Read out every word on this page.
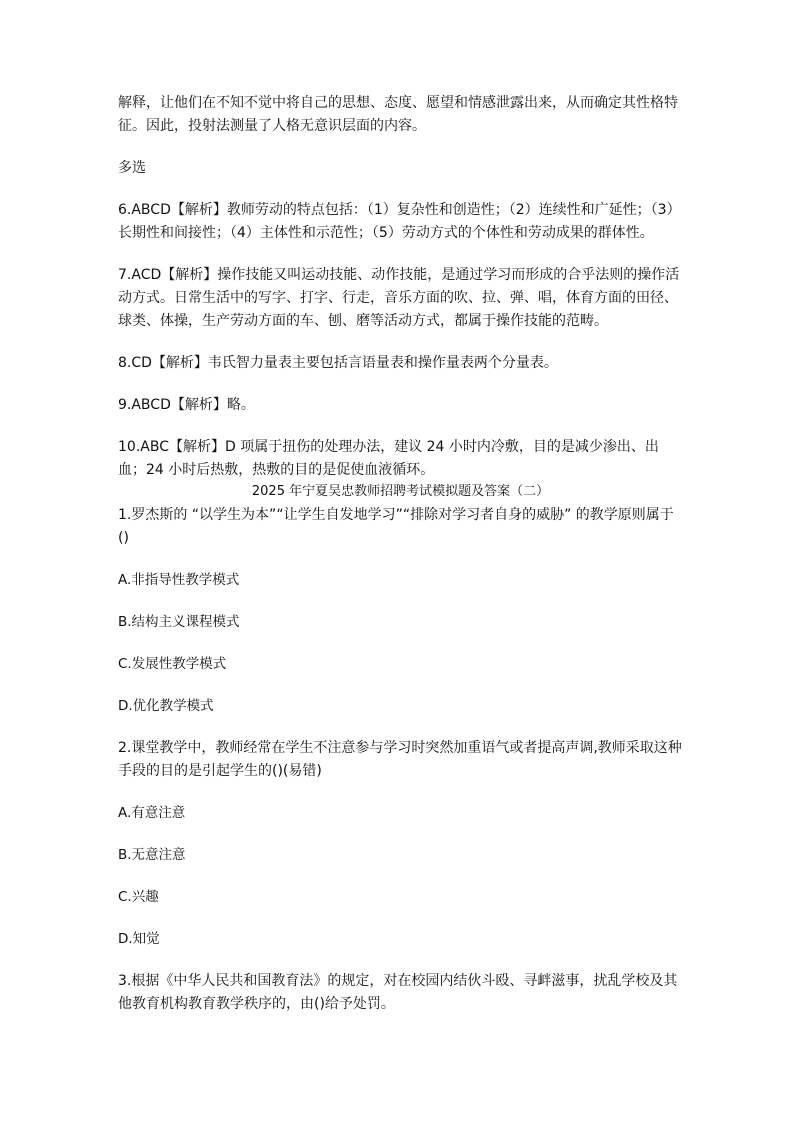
解释，让他们在不知不觉中将自己的思想、态度、愿望和情感泄露出来，从而确定其性格特征。因此，投射法测量了人格无意识层面的内容。

多选

6.ABCD【解析】教师劳动的特点包括：（1）复杂性和创造性；（2）连续性和广延性；（3）长期性和间接性；（4）主体性和示范性；（5）劳动方式的个体性和劳动成果的群体性。

7.ACD【解析】操作技能又叫运动技能、动作技能，是通过学习而形成的合乎法则的操作活动方式。日常生活中的写字、打字、行走，音乐方面的吹、拉、弹、唱，体育方面的田径、球类、体操，生产劳动方面的车、刨、磨等活动方式，都属于操作技能的范畴。

8.CD【解析】韦氏智力量表主要包括言语量表和操作量表两个分量表。

9.ABCD【解析】略。

10.ABC【解析】D 项属于扭伤的处理办法，建议 24 小时内冷敷，目的是减少渗出、出血；24 小时后热敷，热敷的目的是促使血液循环。

2025 年宁夏吴忠教师招聘考试模拟题及答案（二）

1.罗杰斯的 “以学生为本”“让学生自发地学习”“排除对学习者自身的威胁” 的教学原则属于()

A.非指导性教学模式

B.结构主义课程模式

C.发展性教学模式

D.优化教学模式

2.课堂教学中，教师经常在学生不注意参与学习时突然加重语气或者提高声调,教师采取这种手段的目的是引起学生的()(易错)

A.有意注意

B.无意注意

C.兴趣

D.知觉

3.根据《中华人民共和国教育法》的规定，对在校园内结伙斗殴、寻衅滋事，扰乱学校及其他教育机构教育教学秩序的，由()给予处罚。
